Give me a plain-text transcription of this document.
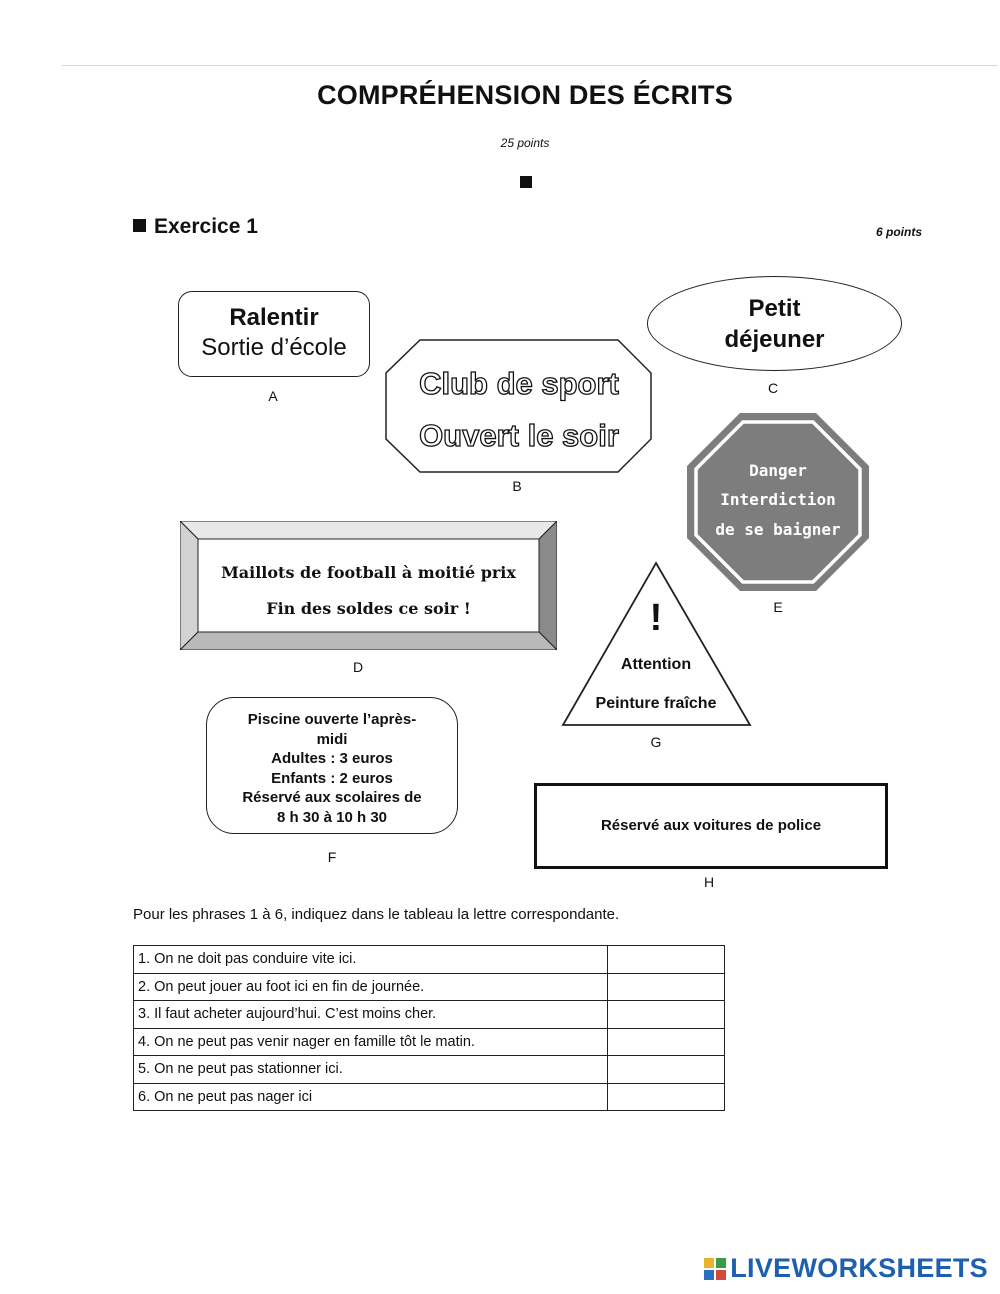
COMPRÉHENSION DES ÉCRITS
25 points
Exercice 1	6 points
Ralentir
Sortie d’école
A	Club de sport
Ouvert le soir
B
Petit
déjeuner
C
Danger
Interdiction
de se baigner
E
Maillots de football à moitié prix
Fin des soldes ce soir !
D
!
Attention
Peinture fraîche
G
Piscine ouverte l’après-
midi
Adultes : 3 euros
Enfants : 2 euros
Réservé aux scolaires de
8 h 30 à 10 h 30
F
Réservé aux voitures de police
H
Pour les phrases 1 à 6, indiquez dans le tableau la lettre correspondante.
1. On ne doit pas conduire vite ici.	
2. On peut jouer au foot ici en fin de journée.	
3. Il faut acheter aujourd’hui. C’est moins cher.	
4. On ne peut pas venir nager en famille tôt le matin.	
5. On ne peut pas stationner ici.	
6. On ne peut pas nager ici	
LIVEWORKSHEETS
